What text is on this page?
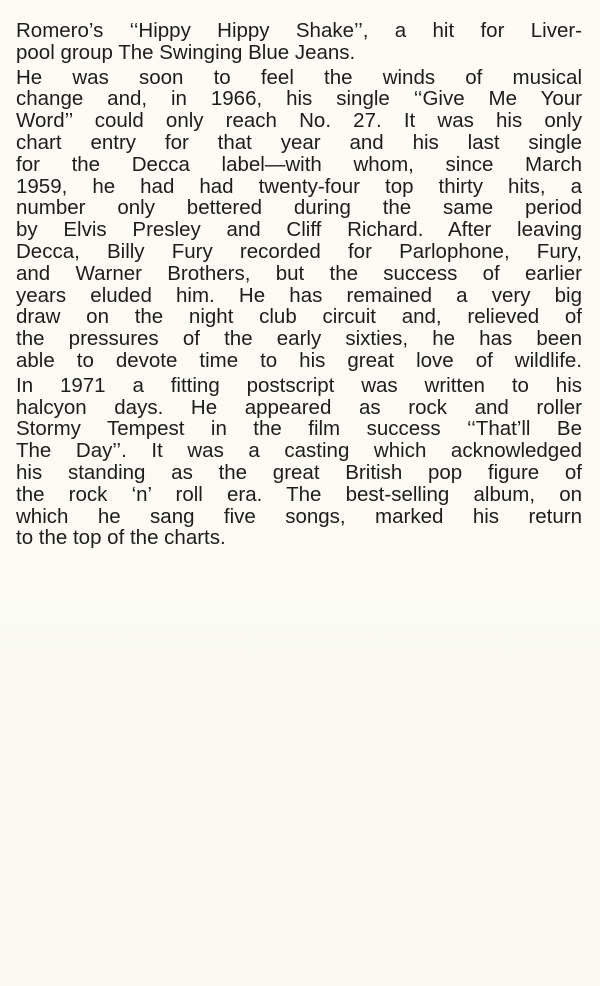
Romero’s ‘‘Hippy Hippy Shake’’, a hit for Liver-
pool group The Swinging Blue Jeans.
He was soon to feel the winds of musical
change and, in 1966, his single ‘‘Give Me Your
Word’’ could only reach No. 27. It was his only
chart entry for that year and his last single
for the Decca label—with whom, since March
1959, he had had twenty-four top thirty hits, a
number only bettered during the same period
by Elvis Presley and Cliff Richard. After leaving
Decca, Billy Fury recorded for Parlophone, Fury,
and Warner Brothers, but the success of earlier
years eluded him. He has remained a very big
draw on the night club circuit and, relieved of
the pressures of the early sixties, he has been
able to devote time to his great love of wildlife.
In 1971 a fitting postscript was written to his
halcyon days. He appeared as rock and roller
Stormy Tempest in the film success ‘‘That’ll Be
The Day’’. It was a casting which acknowledged
his standing as the great British pop figure of
the rock ‘n’ roll era. The best-selling album, on
which he sang five songs, marked his return
to the top of the charts.
